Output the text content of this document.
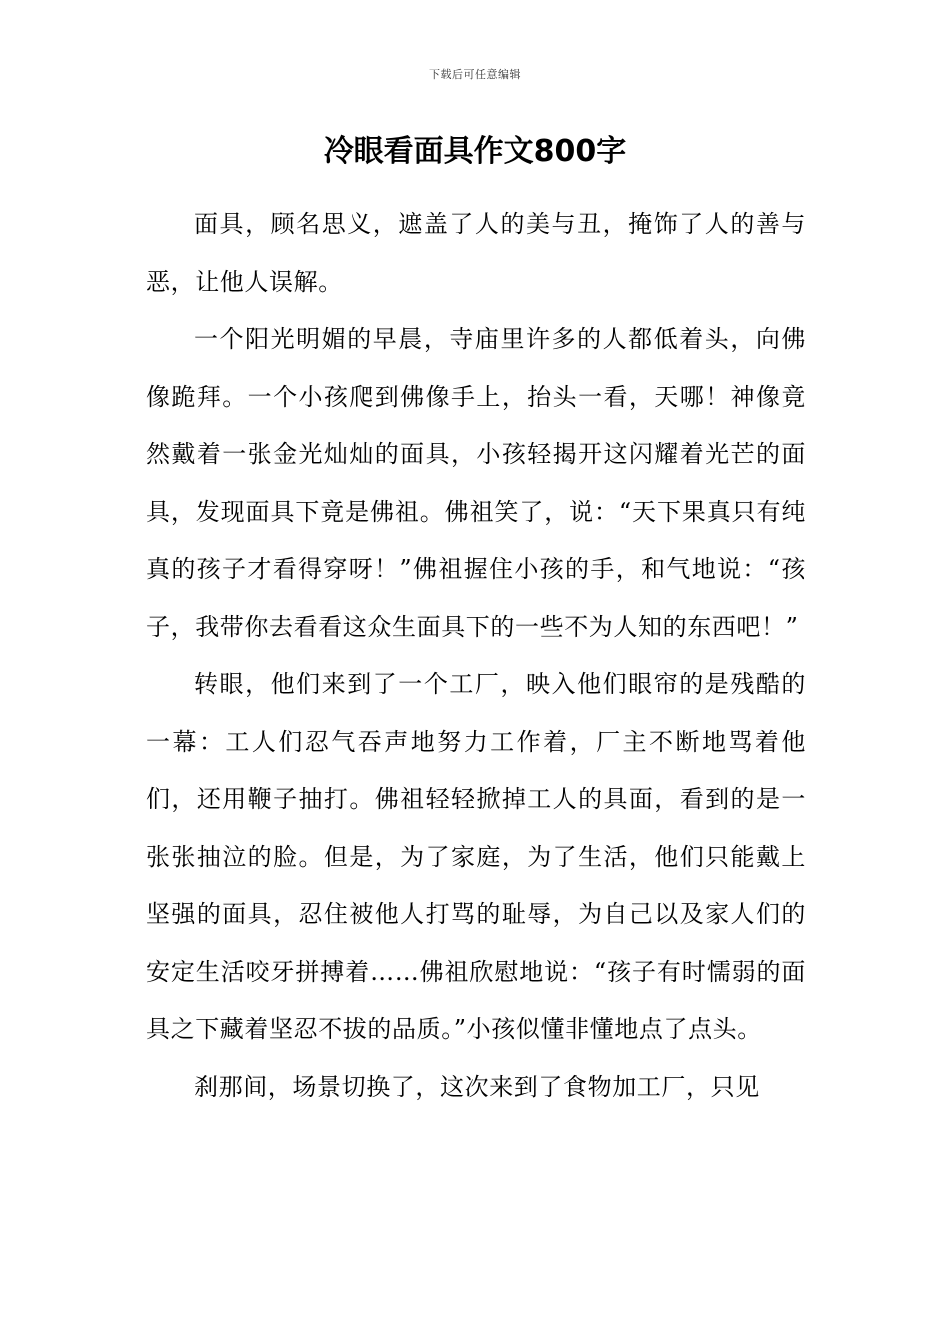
下载后可任意编辑
冷眼看面具作文800字

面具，顾名思义，遮盖了人的美与丑，掩饰了人的善与恶，让他人误解。

一个阳光明媚的早晨，寺庙里许多的人都低着头，向佛像跪拜。一个小孩爬到佛像手上，抬头一看，天哪！神像竟然戴着一张金光灿灿的面具，小孩轻揭开这闪耀着光芒的面具，发现面具下竟是佛祖。佛祖笑了，说：“天下果真只有纯真的孩子才看得穿呀！”佛祖握住小孩的手，和气地说：“孩子，我带你去看看这众生面具下的一些不为人知的东西吧！”

转眼，他们来到了一个工厂，映入他们眼帘的是残酷的一幕：工人们忍气吞声地努力工作着，厂主不断地骂着他们，还用鞭子抽打。佛祖轻轻掀掉工人的具面，看到的是一张张抽泣的脸。但是，为了家庭，为了生活，他们只能戴上坚强的面具，忍住被他人打骂的耻辱，为自己以及家人们的安定生活咬牙拼搏着……佛祖欣慰地说：“孩子有时懦弱的面具之下藏着坚忍不拔的品质。”小孩似懂非懂地点了点头。

刹那间，场景切换了，这次来到了食物加工厂，只见
